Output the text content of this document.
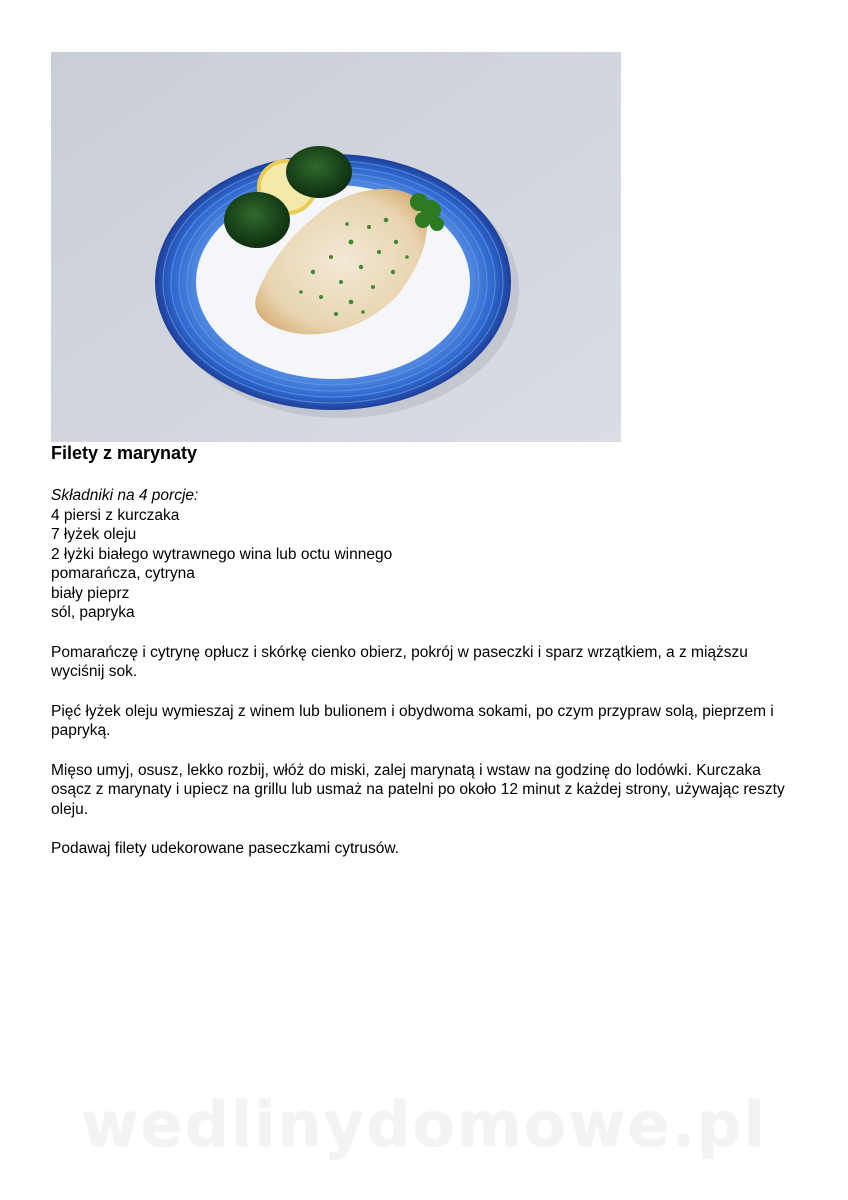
Filety z marynaty
Składniki na 4 porcje:
4 piersi z kurczaka
7 łyżek oleju
2 łyżki białego wytrawnego wina lub octu winnego
pomarańcza, cytryna
biały pieprz
sól, papryka

Pomarańczę i cytrynę opłucz i skórkę cienko obierz, pokrój w paseczki i sparz wrzątkiem, a z miąższu wyciśnij sok.

Pięć łyżek oleju wymieszaj z winem lub bulionem i obydwoma sokami, po czym przypraw solą, pieprzem i papryką.

Mięso umyj, osusz, lekko rozbij, włóż do miski, zalej marynatą i wstaw na godzinę do lodówki. Kurczaka osącz z marynaty i upiecz na grillu lub usmaż na patelni po około 12 minut z każdej strony, używając reszty oleju.

Podawaj filety udekorowane paseczkami cytrusów.

wedlinydomowe.pl
